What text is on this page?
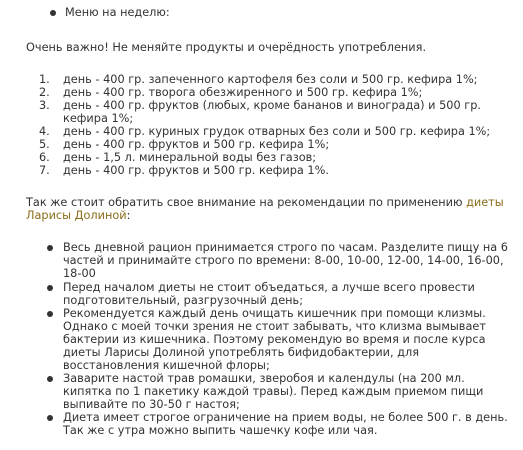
Меню на неделю:
Очень важно! Не меняйте продукты и очерёдность употребления.
1.	день - 400 гр. запеченного картофеля без соли и 500 гр. кефира 1%;
2.	день - 400 гр. творога обезжиренного и 500 гр. кефира 1%;
3.	день - 400 гр. фруктов (любых, кроме бананов и винограда) и 500 гр.
кефира 1%;
4.	день - 400 гр. куриных грудок отварных без соли и 500 гр. кефира 1%;
5.	день - 400 гр. фруктов и 500 гр. кефира 1%;
6.	день - 1,5 л. минеральной воды без газов;
7.	день - 400 гр. фруктов и 500 гр. кефира 1%.
Так же стоит обратить свое внимание на рекомендации по применению диеты
Ларисы Долиной:
Весь дневной рацион принимается строго по часам. Разделите пищу на 6
частей и принимайте строго по времени: 8-00, 10-00, 12-00, 14-00, 16-00,
18-00
Перед началом диеты не стоит объедаться, а лучше всего провести
подготовительный, разгрузочный день;
Рекомендуется каждый день очищать кишечник при помощи клизмы.
Однако с моей точки зрения не стоит забывать, что клизма вымывает
бактерии из кишечника. Поэтому рекомендую во время и после курса
диеты Ларисы Долиной употреблять бифидобактерии, для
восстановления кишечной флоры;
Заварите настой трав ромашки, зверобоя и календулы (на 200 мл.
кипятка по 1 пакетику каждой травы). Перед каждым приемом пищи
выпивайте по 30-50 г настоя;
Диета имеет строгое ограничение на прием воды, не более 500 г. в день.
Так же с утра можно выпить чашечку кофе или чая.
